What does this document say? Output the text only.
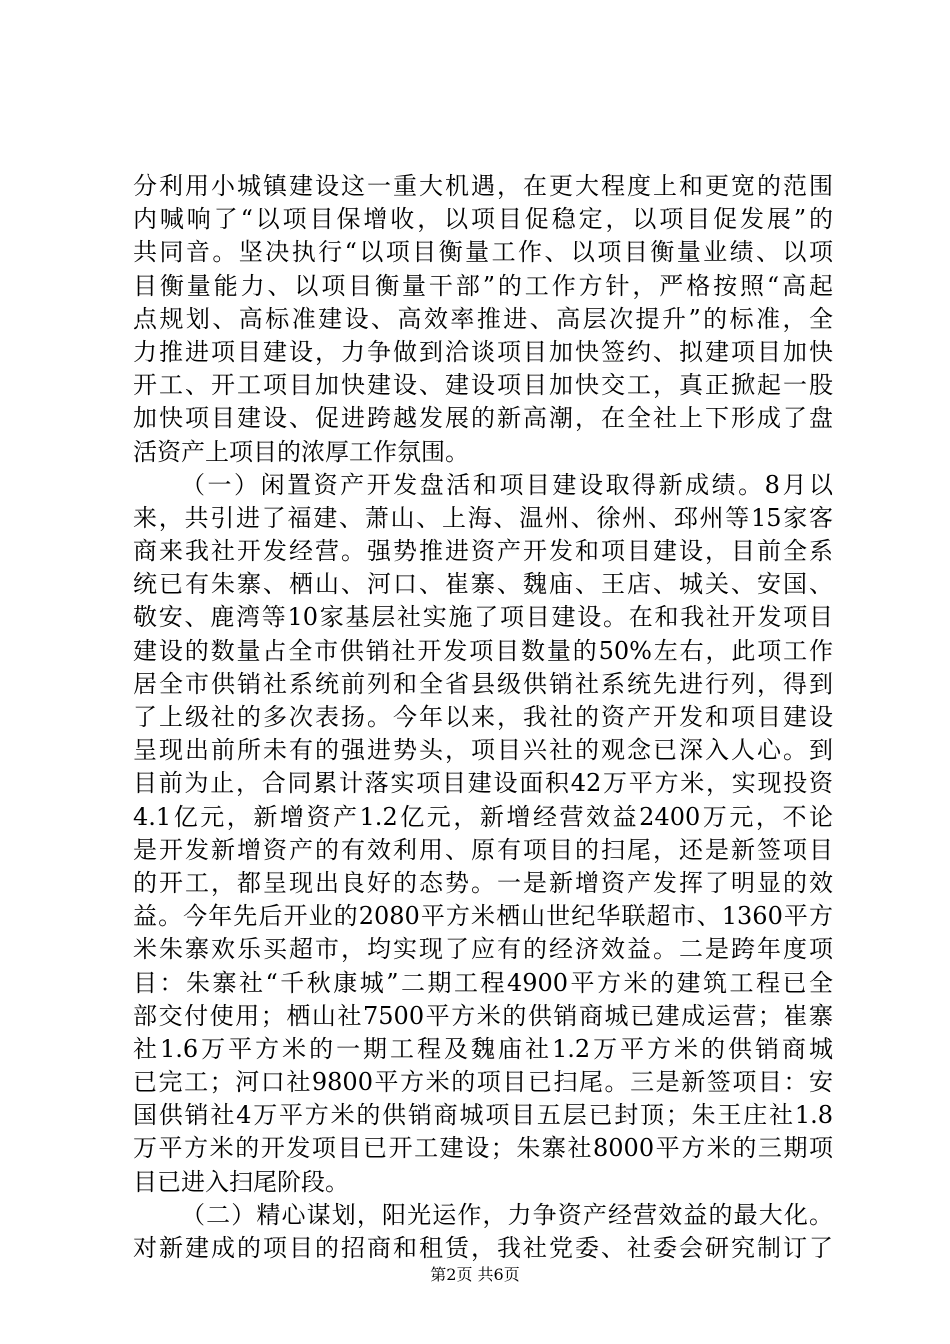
分利用小城镇建设这一重大机遇，在更大程度上和更宽的范围
内喊响了“以项目保增收，以项目促稳定，以项目促发展”的
共同音。坚决执行“以项目衡量工作、以项目衡量业绩、以项
目衡量能力、以项目衡量干部”的工作方针，严格按照“高起
点规划、高标准建设、高效率推进、高层次提升”的标准，全
力推进项目建设，力争做到洽谈项目加快签约、拟建项目加快
开工、开工项目加快建设、建设项目加快交工，真正掀起一股
加快项目建设、促进跨越发展的新高潮，在全社上下形成了盘
活资产上项目的浓厚工作氛围。
（一）闲置资产开发盘活和项目建设取得新成绩。8月以
来，共引进了福建、萧山、上海、温州、徐州、邳州等15家客
商来我社开发经营。强势推进资产开发和项目建设，目前全系
统已有朱寨、栖山、河口、崔寨、魏庙、王店、城关、安国、
敬安、鹿湾等10家基层社实施了项目建设。在和我社开发项目
建设的数量占全市供销社开发项目数量的50%左右，此项工作
居全市供销社系统前列和全省县级供销社系统先进行列，得到
了上级社的多次表扬。今年以来，我社的资产开发和项目建设
呈现出前所未有的强进势头，项目兴社的观念已深入人心。到
目前为止，合同累计落实项目建设面积42万平方米，实现投资
4.1亿元，新增资产1.2亿元，新增经营效益2400万元，不论
是开发新增资产的有效利用、原有项目的扫尾，还是新签项目
的开工，都呈现出良好的态势。一是新增资产发挥了明显的效
益。今年先后开业的2080平方米栖山世纪华联超市、1360平方
米朱寨欢乐买超市，均实现了应有的经济效益。二是跨年度项
目：朱寨社“千秋康城”二期工程4900平方米的建筑工程已全
部交付使用；栖山社7500平方米的供销商城已建成运营；崔寨
社1.6万平方米的一期工程及魏庙社1.2万平方米的供销商城
已完工；河口社9800平方米的项目已扫尾。三是新签项目：安
国供销社4万平方米的供销商城项目五层已封顶；朱王庄社1.8
万平方米的开发项目已开工建设；朱寨社8000平方米的三期项
目已进入扫尾阶段。
（二）精心谋划，阳光运作，力争资产经营效益的最大化。
对新建成的项目的招商和租赁，我社党委、社委会研究制订了
第2页 共6页
